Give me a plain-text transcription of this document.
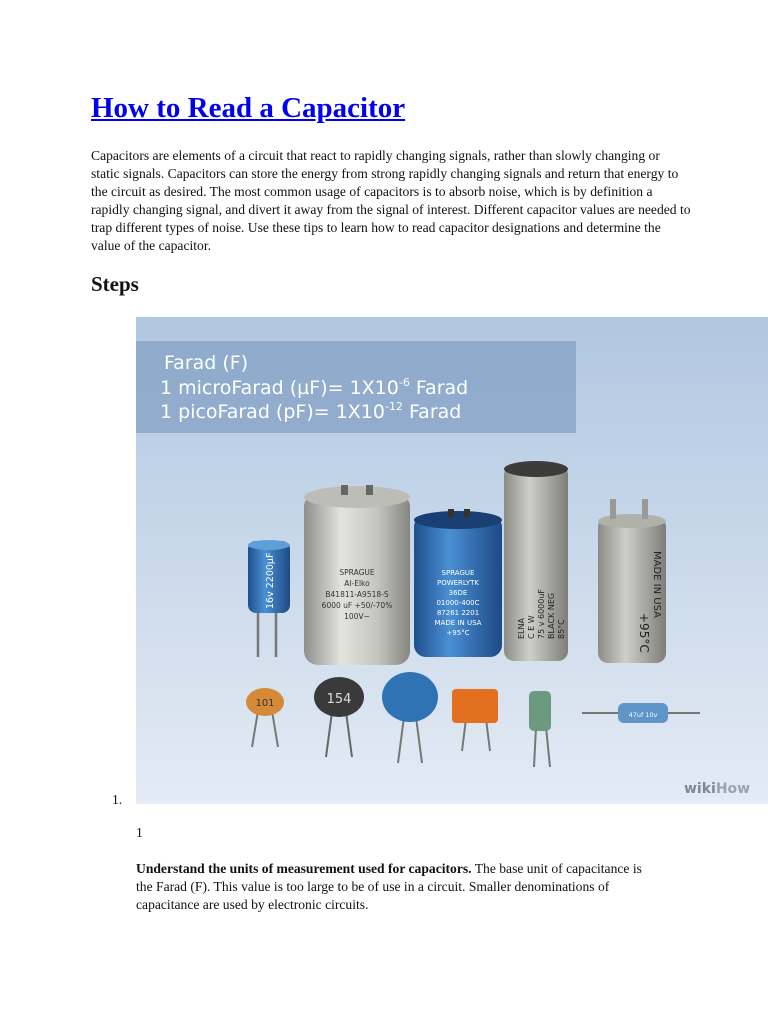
How to Read a Capacitor

Capacitors are elements of a circuit that react to rapidly changing signals, rather than slowly changing or static signals. Capacitors can store the energy from strong rapidly changing signals and return that energy to the circuit as desired. The most common usage of capacitors is to absorb noise, which is by definition a rapidly changing signal, and divert it away from the signal of interest. Different capacitor values are needed to trap different types of noise. Use these tips to learn how to read capacitor designations and determine the value of the capacitor.

Steps
1.
Farad (F)
1 microFarad $(\mu F)= 1X10^{-6}$ Farad
1 picoFarad $(pF)= 1X10^{-12}$ Farad
16v 2200µF	SPRAGUE
Al-Elko
B41811-A9518-S
6000 uF +50/-70%
100V~
SPRAGUE
POWERLYTK
36DE
01000-400C
87261 2201
MADE IN USA
+95°C	ELNA C E W 75 v 6000uF BLACK NEG 85°C	+95°C
MADE IN USA
101	154
47uf 10v
wikiHow
1

Understand the units of measurement used for capacitors. The base unit of capacitance is the Farad (F). This value is too large to be of use in a circuit. Smaller denominations of capacitance are used by electronic circuits.
